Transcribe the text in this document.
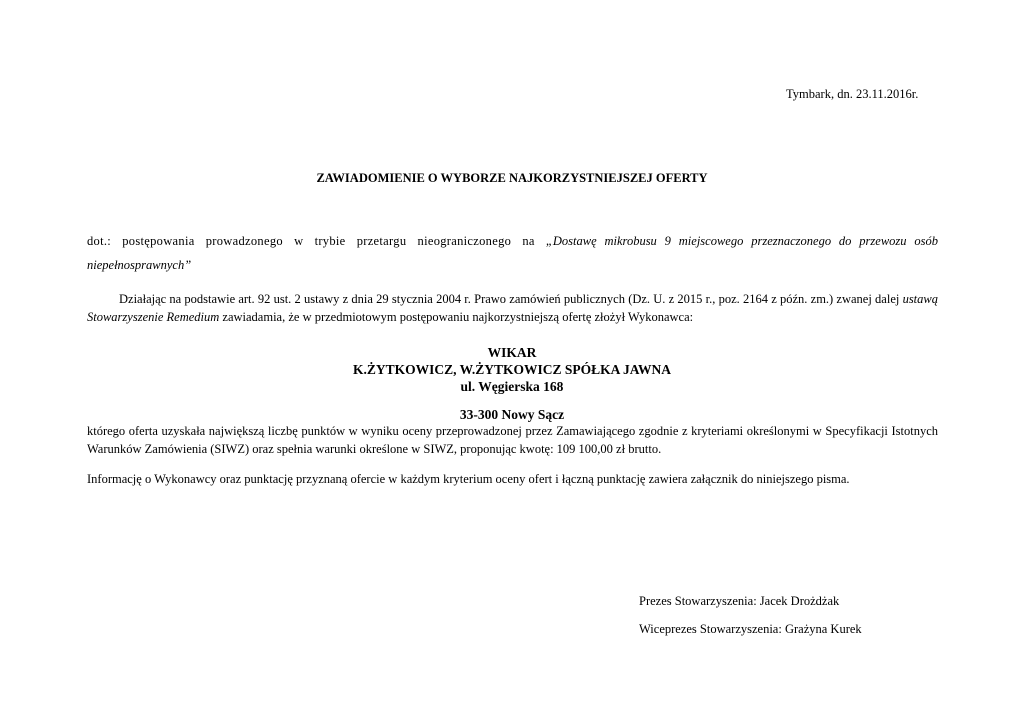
Tymbark, dn. 23.11.2016r.
ZAWIADOMIENIE O WYBORZE NAJKORZYSTNIEJSZEJ OFERTY
dot.: postępowania prowadzonego w trybie przetargu nieograniczonego na „Dostawę mikrobusu 9 miejscowego przeznaczonego do przewozu osób niepełnosprawnych”
Działając na podstawie art. 92 ust. 2 ustawy z dnia 29 stycznia 2004 r. Prawo zamówień publicznych (Dz. U. z 2015 r., poz. 2164 z późn. zm.) zwanej dalej ustawą Stowarzyszenie Remedium zawiadamia, że w przedmiotowym postępowaniu najkorzystniejszą ofertę złożył Wykonawca:
WIKAR
K.ŻYTKOWICZ, W.ŻYTKOWICZ SPÓŁKA JAWNA
ul. Węgierska 168
33-300 Nowy Sącz
którego oferta uzyskała największą liczbę punktów w wyniku oceny przeprowadzonej przez Zamawiającego zgodnie z kryteriami określonymi w Specyfikacji Istotnych Warunków Zamówienia (SIWZ) oraz spełnia warunki określone w SIWZ, proponując kwotę: 109 100,00 zł brutto.
Informację o Wykonawcy oraz punktację przyznaną ofercie w każdym kryterium oceny ofert i łączną punktację zawiera załącznik do niniejszego pisma.
Prezes Stowarzyszenia: Jacek Drożdżak
Wiceprezes Stowarzyszenia: Grażyna Kurek
